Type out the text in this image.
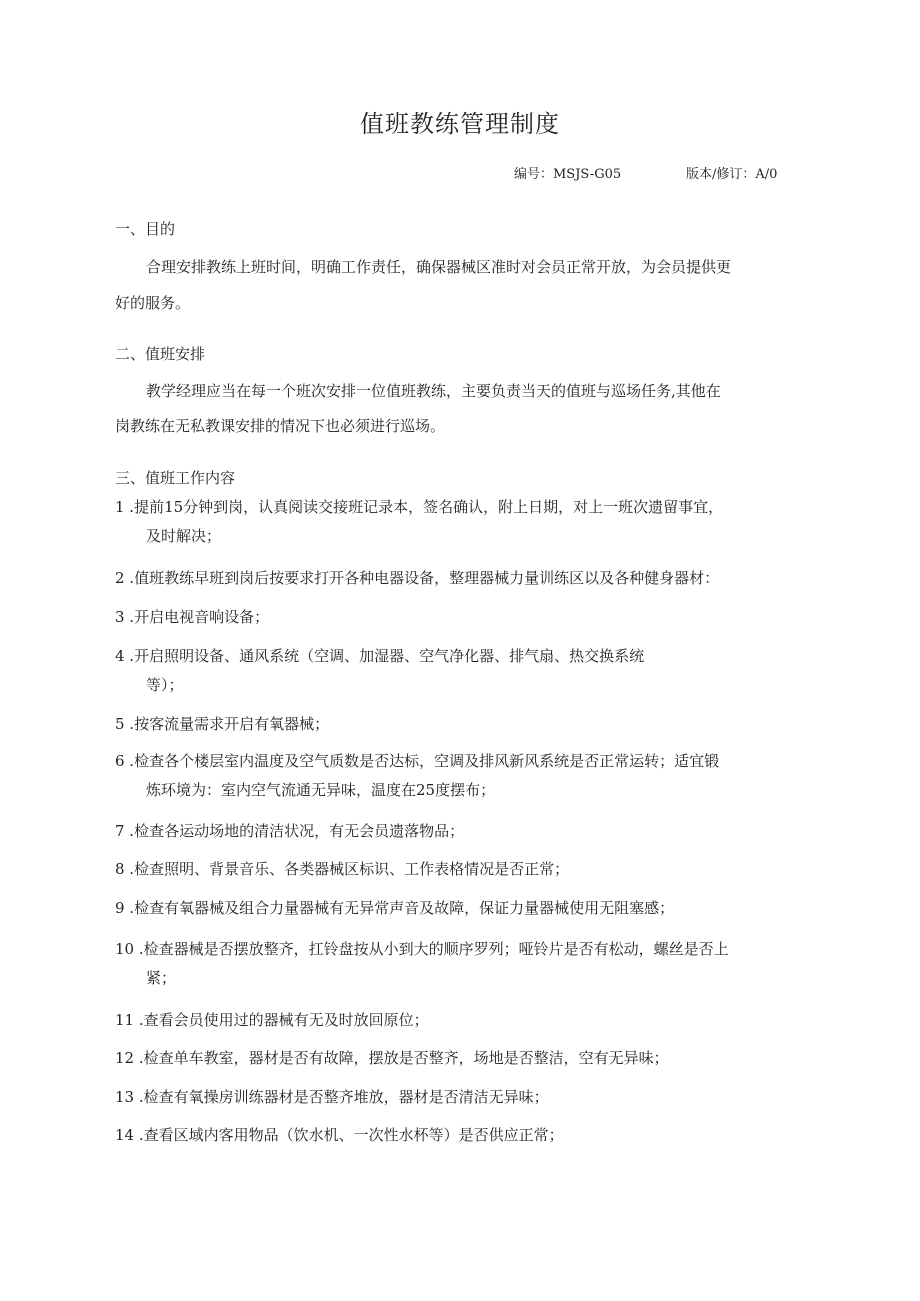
值班教练管理制度
编号：MSJS-G05	版本/修订：A/0
一、目的
合理安排教练上班时间，明确工作责任，确保器械区准时对会员正常开放，为会员提供更
好的服务。
二、值班安排
教学经理应当在每一个班次安排一位值班教练，主要负责当天的值班与巡场任务,其他在
岗教练在无私教课安排的情况下也必须进行巡场。
三、值班工作内容
1 .提前15分钟到岗，认真阅读交接班记录本，签名确认，附上日期，对上一班次遗留事宜，
及时解决；
2 .值班教练早班到岗后按要求打开各种电器设备，整理器械力量训练区以及各种健身器材：
3 .开启电视音响设备；
4 .开启照明设备、通风系统（空调、加湿器、空气净化器、排气扇、热交换系统
等）；
5 .按客流量需求开启有氧器械；
6 .检查各个楼层室内温度及空气质数是否达标，空调及排风新风系统是否正常运转；适宜锻
炼环境为：室内空气流通无异味，温度在25度摆布；
7 .检查各运动场地的清洁状况，有无会员遗落物品；
8 .检查照明、背景音乐、各类器械区标识、工作表格情况是否正常；
9 .检查有氧器械及组合力量器械有无异常声音及故障，保证力量器械使用无阻塞感；
10 .检查器械是否摆放整齐，扛铃盘按从小到大的顺序罗列；哑铃片是否有松动，螺丝是否上
紧；
11 .查看会员使用过的器械有无及时放回原位；
12 .检查单车教室，器材是否有故障，摆放是否整齐，场地是否整洁，空有无异味；
13 .检查有氧操房训练器材是否整齐堆放，器材是否清洁无异味；
14 .查看区域内客用物品（饮水机、一次性水杯等）是否供应正常；
